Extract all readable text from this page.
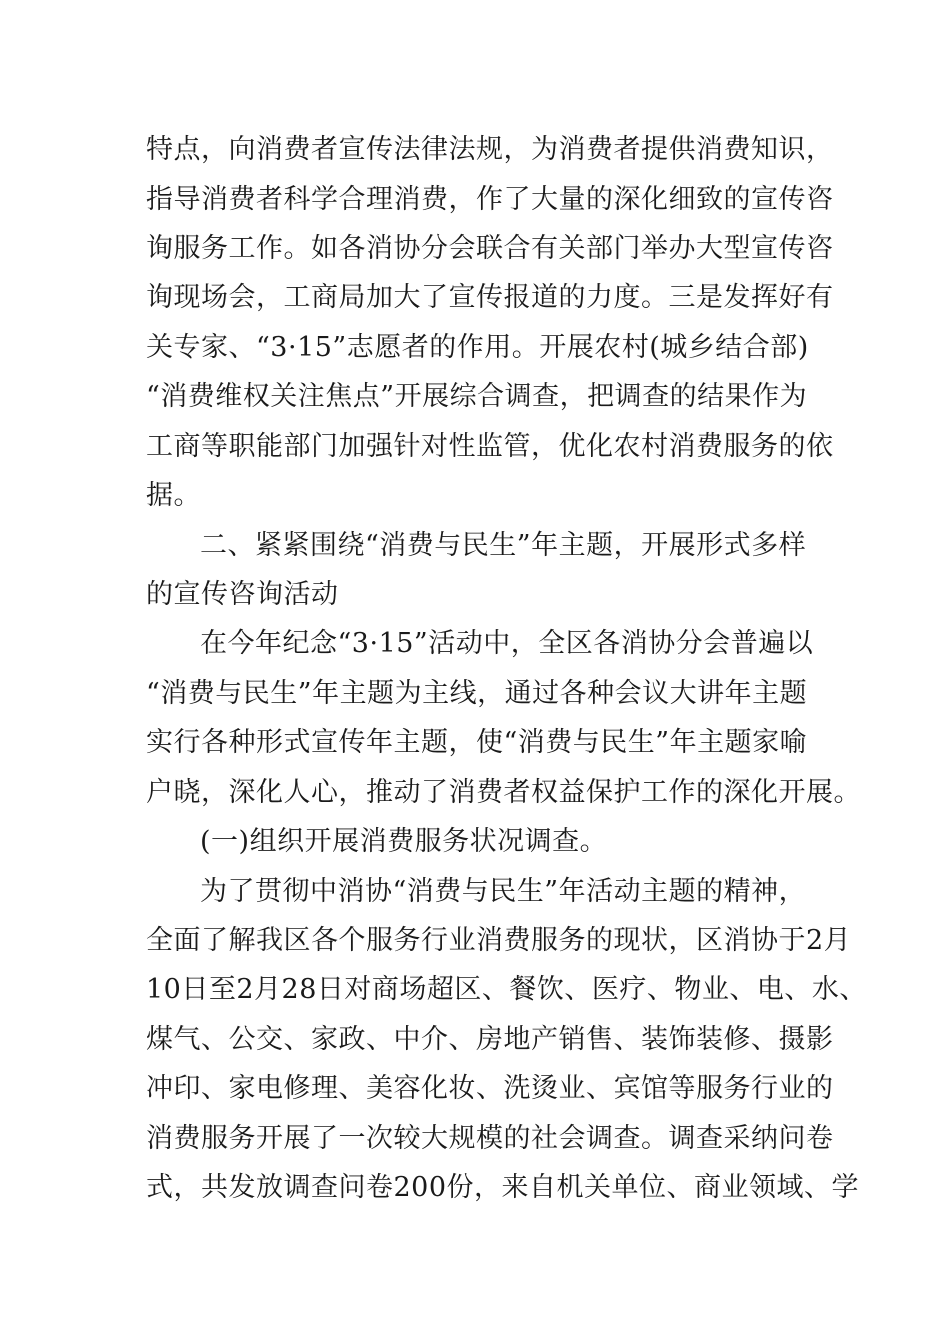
特点，向消费者宣传法律法规，为消费者提供消费知识，
指导消费者科学合理消费，作了大量的深化细致的宣传咨
询服务工作。如各消协分会联合有关部门举办大型宣传咨
询现场会，工商局加大了宣传报道的力度。三是发挥好有
关专家、“3·15”志愿者的作用。开展农村(城乡结合部)
“消费维权关注焦点”开展综合调查，把调查的结果作为
工商等职能部门加强针对性监管，优化农村消费服务的依
据。
二、紧紧围绕“消费与民生”年主题，开展形式多样
的宣传咨询活动
在今年纪念“3·15”活动中，全区各消协分会普遍以
“消费与民生”年主题为主线，通过各种会议大讲年主题
实行各种形式宣传年主题，使“消费与民生”年主题家喻
户晓，深化人心，推动了消费者权益保护工作的深化开展。
(一)组织开展消费服务状况调查。
为了贯彻中消协“消费与民生”年活动主题的精神，
全面了解我区各个服务行业消费服务的现状，区消协于2月
10日至2月28日对商场超区、餐饮、医疗、物业、电、水、
煤气、公交、家政、中介、房地产销售、装饰装修、摄影
冲印、家电修理、美容化妆、洗烫业、宾馆等服务行业的
消费服务开展了一次较大规模的社会调查。调查采纳问卷
式，共发放调查问卷200份，来自机关单位、商业领域、学
